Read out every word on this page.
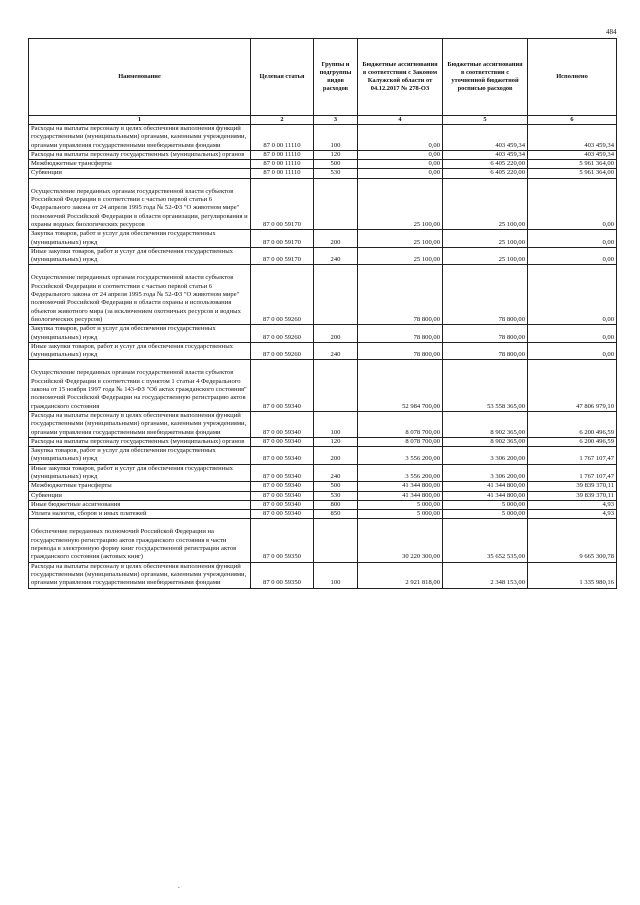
484
Наименование	Целевая статья	Группы и подгруппы видов расходов	Бюджетные ассигнования в соответствии с Законом Калужской области от 04.12.2017 № 278-ОЗ	Бюджетные ассигнования в соответствии с уточненной бюджетной росписью расходов	Исполнено
1	2	3	4	5	6
Расходы на выплаты персоналу в целях обеспечения выполнения функций государственными (муниципальными) органами, казенными учреждениями, органами управления государственными внебюджетными фондами	87 0 00 11110	100	0,00	403 459,34	403 459,34
Расходы на выплаты персоналу государственных (муниципальных) органов	87 0 00 11110	120	0,00	403 459,34	403 459,34
Межбюджетные трансферты	87 0 00 11110	500	0,00	6 405 220,00	5 961 364,00
Субвенции	87 0 00 11110	530	0,00	6 405 220,00	5 961 364,00

Осуществление переданных органам государственной власти субъектов Российской Федерации в соответствии с частью первой статьи 6 Федерального закона от 24 апреля 1995 года № 52-ФЗ "О животном мире" полномочий Российской Федерации в области организации, регулирования и охраны водных биологических ресурсов	87 0 00 59170		25 100,00	25 100,00	0,00
Закупка товаров, работ и услуг для обеспечения государственных (муниципальных) нужд	87 0 00 59170	200	25 100,00	25 100,00	0,00
Иные закупки товаров, работ и услуг для обеспечения государственных (муниципальных) нужд	87 0 00 59170	240	25 100,00	25 100,00	0,00

Осуществление переданных органам государственной власти субъектов Российской Федерации в соответствии с частью первой статьи 6 Федерального закона от 24 апреля 1995 года № 52-ФЗ "О животном мире" полномочий Российской Федерации в области охраны и использования объектов животного мира (за исключением охотничьих ресурсов и водных биологических ресурсов)	87 0 00 59260		78 800,00	78 800,00	0,00
Закупка товаров, работ и услуг для обеспечения государственных (муниципальных) нужд	87 0 00 59260	200	78 800,00	78 800,00	0,00
Иные закупки товаров, работ и услуг для обеспечения государственных (муниципальных) нужд	87 0 00 59260	240	78 800,00	78 800,00	0,00

Осуществление переданных органам государственной власти субъектов Российской Федерации в соответствии с пунктом 1 статьи 4 Федерального закона от 15 ноября 1997 года № 143-ФЗ "Об актах гражданского состояния" полномочий Российской Федерации на государственную регистрацию актов гражданского состояния	87 0 00 59340		52 984 700,00	53 558 365,00	47 806 979,10
Расходы на выплаты персоналу в целях обеспечения выполнения функций государственными (муниципальными) органами, казенными учреждениями, органами управления государственными внебюджетными фондами	87 0 00 59340	100	8 078 700,00	8 902 365,00	6 200 496,59
Расходы на выплаты персоналу государственных (муниципальных) органов	87 0 00 59340	120	8 078 700,00	8 902 365,00	6 200 496,59
Закупка товаров, работ и услуг для обеспечения государственных (муниципальных) нужд	87 0 00 59340	200	3 556 200,00	3 306 200,00	1 767 107,47
Иные закупки товаров, работ и услуг для обеспечения государственных (муниципальных) нужд	87 0 00 59340	240	3 556 200,00	3 306 200,00	1 767 107,47
Межбюджетные трансферты	87 0 00 59340	500	41 344 800,00	41 344 800,00	39 839 370,11
Субвенции	87 0 00 59340	530	41 344 800,00	41 344 800,00	39 839 370,11
Иные бюджетные ассигнования	87 0 00 59340	800	5 000,00	5 000,00	4,93
Уплата налогов, сборов и иных платежей	87 0 00 59340	850	5 000,00	5 000,00	4,93

Обеспечение переданных полномочий Российской Федерации на государственную регистрацию актов гражданского состояния в части перевода в электронную форму книг государственной регистрации актов гражданского состояния (актовых книг)	87 0 00 59350		30 220 300,00	35 652 535,00	9 665 300,78
Расходы на выплаты персоналу в целях обеспечения выполнения функций государственными (муниципальными) органами, казенными учреждениями, органами управления государственными внебюджетными фондами	87 0 00 59350	100	2 921 818,00	2 348 153,00	1 335 980,16
.
